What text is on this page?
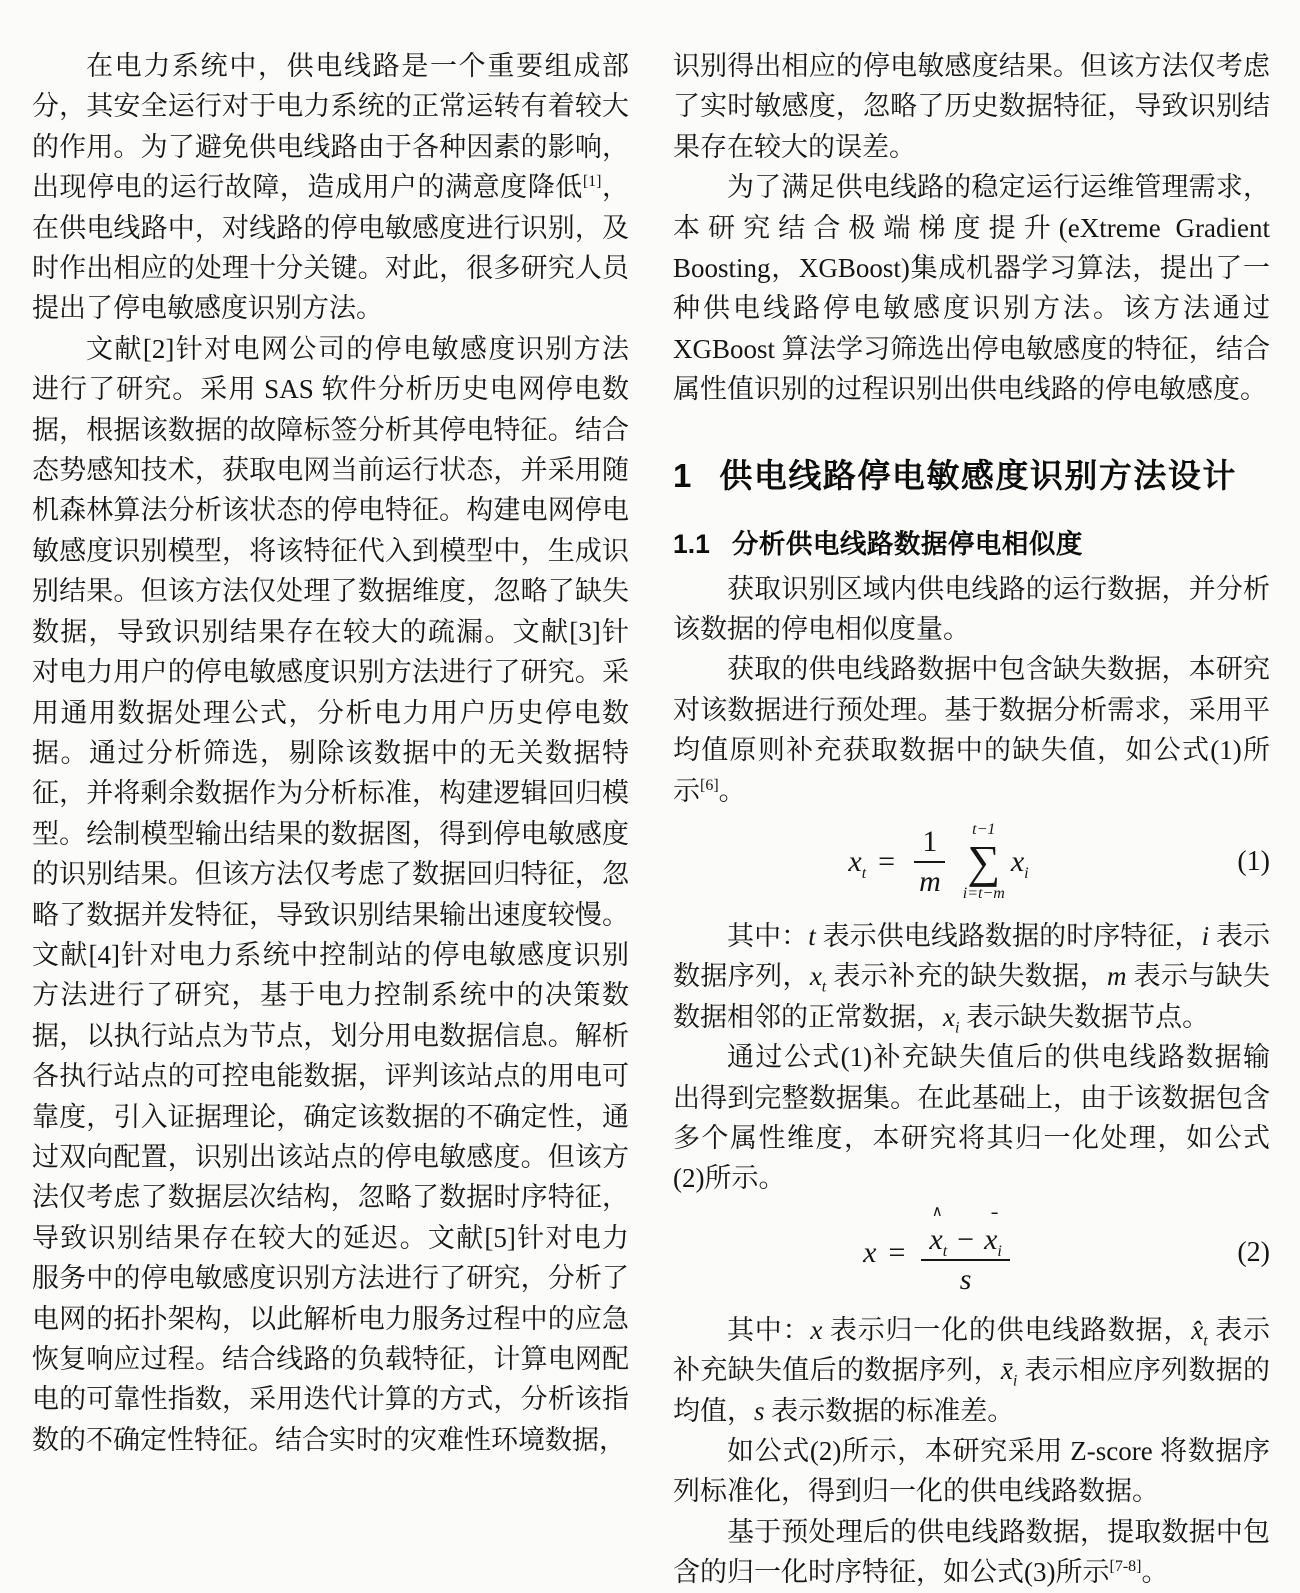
在电力系统中，供电线路是一个重要组成部分，其安全运行对于电力系统的正常运转有着较大的作用。为了避免供电线路由于各种因素的影响，出现停电的运行故障，造成用户的满意度降低[1]，在供电线路中，对线路的停电敏感度进行识别，及时作出相应的处理十分关键。对此，很多研究人员提出了停电敏感度识别方法。

文献[2]针对电网公司的停电敏感度识别方法进行了研究。采用 SAS 软件分析历史电网停电数据，根据该数据的故障标签分析其停电特征。结合态势感知技术，获取电网当前运行状态，并采用随机森林算法分析该状态的停电特征。构建电网停电敏感度识别模型，将该特征代入到模型中，生成识别结果。但该方法仅处理了数据维度，忽略了缺失数据，导致识别结果存在较大的疏漏。文献[3]针对电力用户的停电敏感度识别方法进行了研究。采用通用数据处理公式，分析电力用户历史停电数据。通过分析筛选，剔除该数据中的无关数据特征，并将剩余数据作为分析标准，构建逻辑回归模型。绘制模型输出结果的数据图，得到停电敏感度的识别结果。但该方法仅考虑了数据回归特征，忽略了数据并发特征，导致识别结果输出速度较慢。文献[4]针对电力系统中控制站的停电敏感度识别方法进行了研究，基于电力控制系统中的决策数据，以执行站点为节点，划分用电数据信息。解析各执行站点的可控电能数据，评判该站点的用电可靠度，引入证据理论，确定该数据的不确定性，通过双向配置，识别出该站点的停电敏感度。但该方法仅考虑了数据层次结构，忽略了数据时序特征，导致识别结果存在较大的延迟。文献[5]针对电力服务中的停电敏感度识别方法进行了研究，分析了电网的拓扑架构，以此解析电力服务过程中的应急恢复响应过程。结合线路的负载特征，计算电网配电的可靠性指数，采用迭代计算的方式，分析该指数的不确定性特征。结合实时的灾难性环境数据，

识别得出相应的停电敏感度结果。但该方法仅考虑了实时敏感度，忽略了历史数据特征，导致识别结果存在较大的误差。

为了满足供电线路的稳定运行运维管理需求，本研究结合极端梯度提升(eXtreme Gradient Boosting，XGBoost)集成机器学习算法，提出了一种供电线路停电敏感度识别方法。该方法通过 XGBoost 算法学习筛选出停电敏感度的特征，结合属性值识别的过程识别出供电线路的停电敏感度。

1 供电线路停电敏感度识别方法设计
1.1 分析供电线路数据停电相似度

获取识别区域内供电线路的运行数据，并分析该数据的停电相似度量。

获取的供电线路数据中包含缺失数据，本研究对该数据进行预处理。基于数据分析需求，采用平均值原则补充获取数据中的缺失值，如公式(1)所示[6]。

$x_t = \frac{1}{m} t-1$
∑
i=t−m
$x_i$	(1)

其中：t 表示供电线路数据的时序特征，i 表示数据序列，$x_t$ 表示补充的缺失数据，m 表示与缺失数据相邻的正常数据，$x_i$ 表示缺失数据节点。

通过公式(1)补充缺失值后的供电线路数据输出得到完整数据集。在此基础上，由于该数据包含多个属性维度，本研究将其归一化处理，如公式(2)所示。

x = ∧
$x_t$ −
ˉ
$x_i$
s	(2)

其中：x 表示归一化的供电线路数据，$x̂_t$ 表示补充缺失值后的数据序列，$x̄_i$ 表示相应序列数据的均值，s 表示数据的标准差。

如公式(2)所示，本研究采用 Z-score 将数据序列标准化，得到归一化的供电线路数据。

基于预处理后的供电线路数据，提取数据中包含的归一化时序特征，如公式(3)所示[7-8]。
